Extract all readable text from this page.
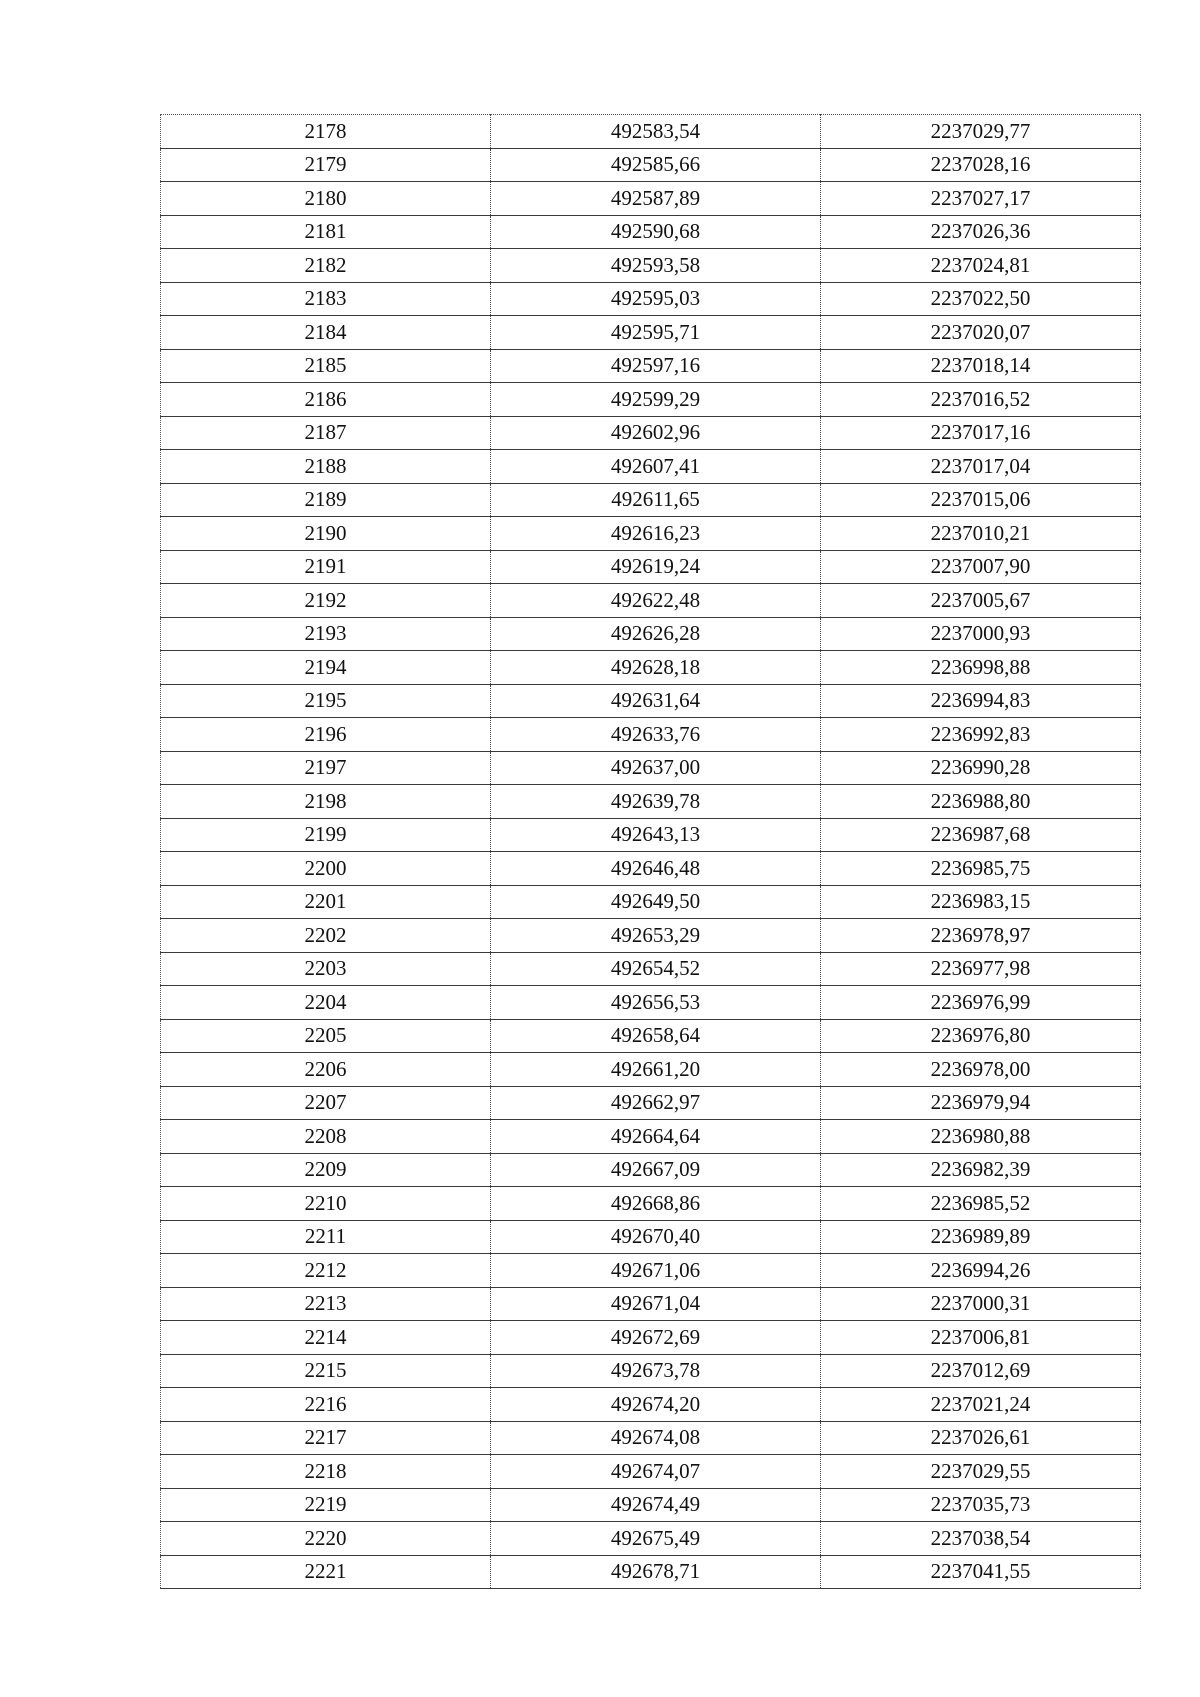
2178	492583,54	2237029,77
2179	492585,66	2237028,16
2180	492587,89	2237027,17
2181	492590,68	2237026,36
2182	492593,58	2237024,81
2183	492595,03	2237022,50
2184	492595,71	2237020,07
2185	492597,16	2237018,14
2186	492599,29	2237016,52
2187	492602,96	2237017,16
2188	492607,41	2237017,04
2189	492611,65	2237015,06
2190	492616,23	2237010,21
2191	492619,24	2237007,90
2192	492622,48	2237005,67
2193	492626,28	2237000,93
2194	492628,18	2236998,88
2195	492631,64	2236994,83
2196	492633,76	2236992,83
2197	492637,00	2236990,28
2198	492639,78	2236988,80
2199	492643,13	2236987,68
2200	492646,48	2236985,75
2201	492649,50	2236983,15
2202	492653,29	2236978,97
2203	492654,52	2236977,98
2204	492656,53	2236976,99
2205	492658,64	2236976,80
2206	492661,20	2236978,00
2207	492662,97	2236979,94
2208	492664,64	2236980,88
2209	492667,09	2236982,39
2210	492668,86	2236985,52
2211	492670,40	2236989,89
2212	492671,06	2236994,26
2213	492671,04	2237000,31
2214	492672,69	2237006,81
2215	492673,78	2237012,69
2216	492674,20	2237021,24
2217	492674,08	2237026,61
2218	492674,07	2237029,55
2219	492674,49	2237035,73
2220	492675,49	2237038,54
2221	492678,71	2237041,55
